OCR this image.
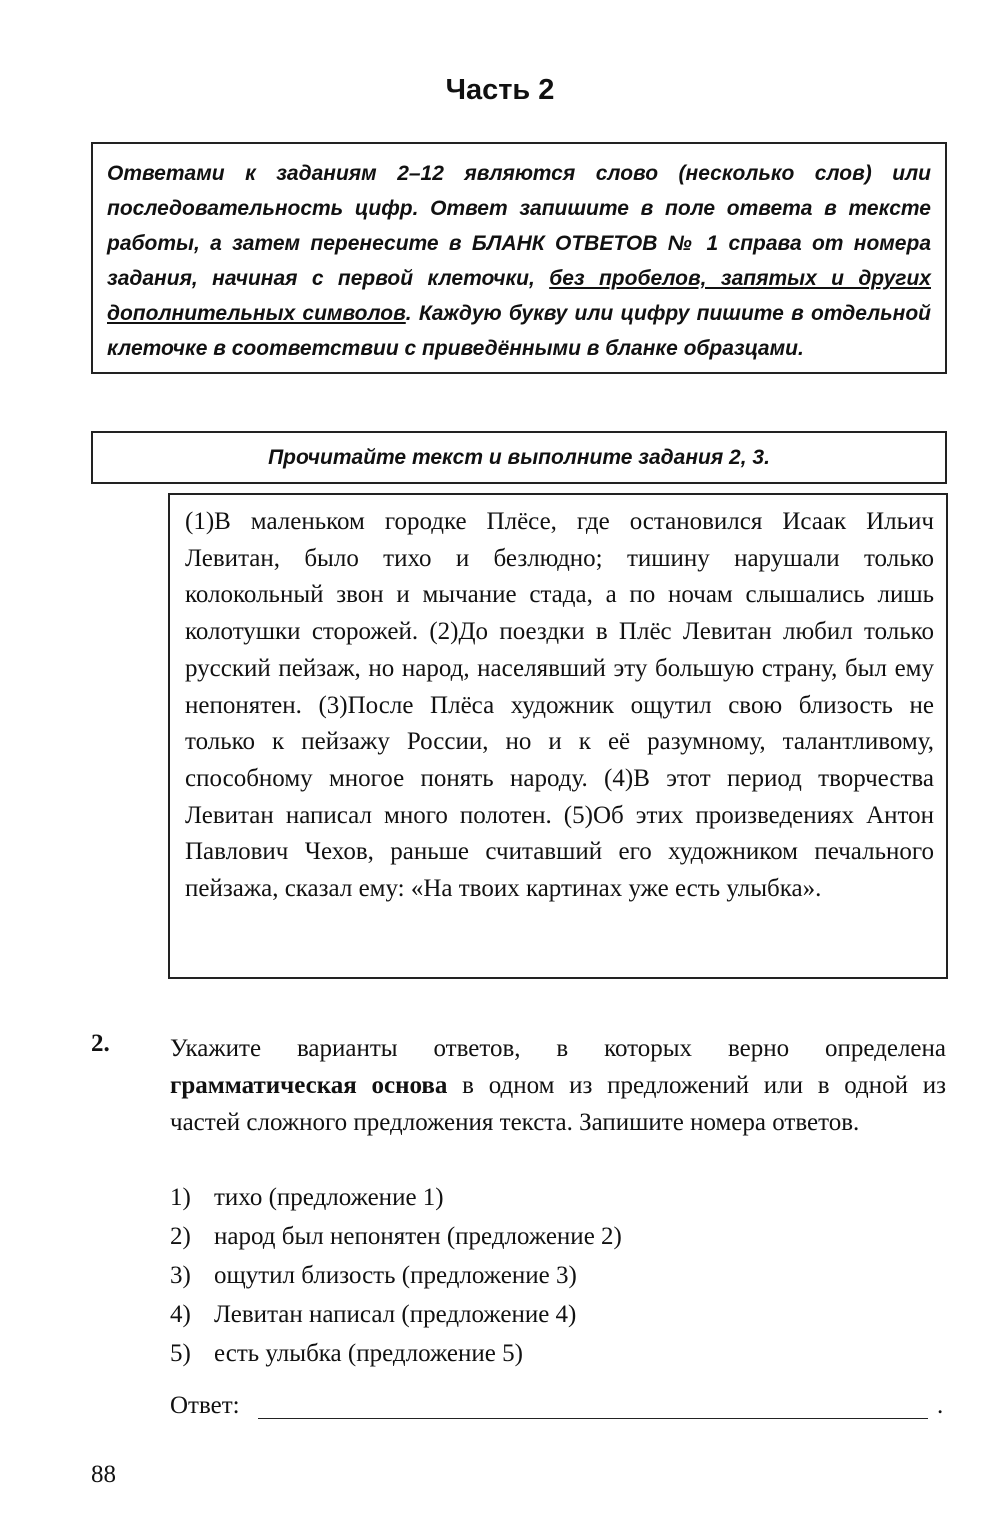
Часть 2
Ответами к заданиям 2–12 являются слово (несколько слов) или последовательность цифр. Ответ запишите в поле ответа в тексте работы, а затем перенесите в БЛАНК ОТВЕТОВ № 1 справа от номера задания, начиная с первой клеточки, без пробелов, запятых и других дополнительных символов. Каждую букву или цифру пишите в отдельной клеточке в соответствии с приведёнными в бланке образцами.
Прочитайте текст и выполните задания 2, 3.
(1)В маленьком городке Плёсе, где остановился Исаак Ильич Левитан, было тихо и безлюдно; тишину нарушали только колокольный звон и мычание стада, а по ночам слышались лишь колотушки сторожей. (2)До поездки в Плёс Левитан любил только русский пейзаж, но народ, населявший эту большую страну, был ему непонятен. (3)После Плёса художник ощутил свою близость не только к пейзажу России, но и к её разумному, талантливому, способному многое понять народу. (4)В этот период творчества Левитан написал много полотен. (5)Об этих произведениях Антон Павлович Чехов, раньше считавший его художником печального пейзажа, сказал ему: «На твоих картинах уже есть улыбка».
2. Укажите варианты ответов, в которых верно определена грамматическая основа в одном из предложений или в одной из частей сложного предложения текста. Запишите номера ответов.
1) тихо (предложение 1)
2) народ был непонятен (предложение 2)
3) ощутил близость (предложение 3)
4) Левитан написал (предложение 4)
5) есть улыбка (предложение 5)
Ответ:	.
88
